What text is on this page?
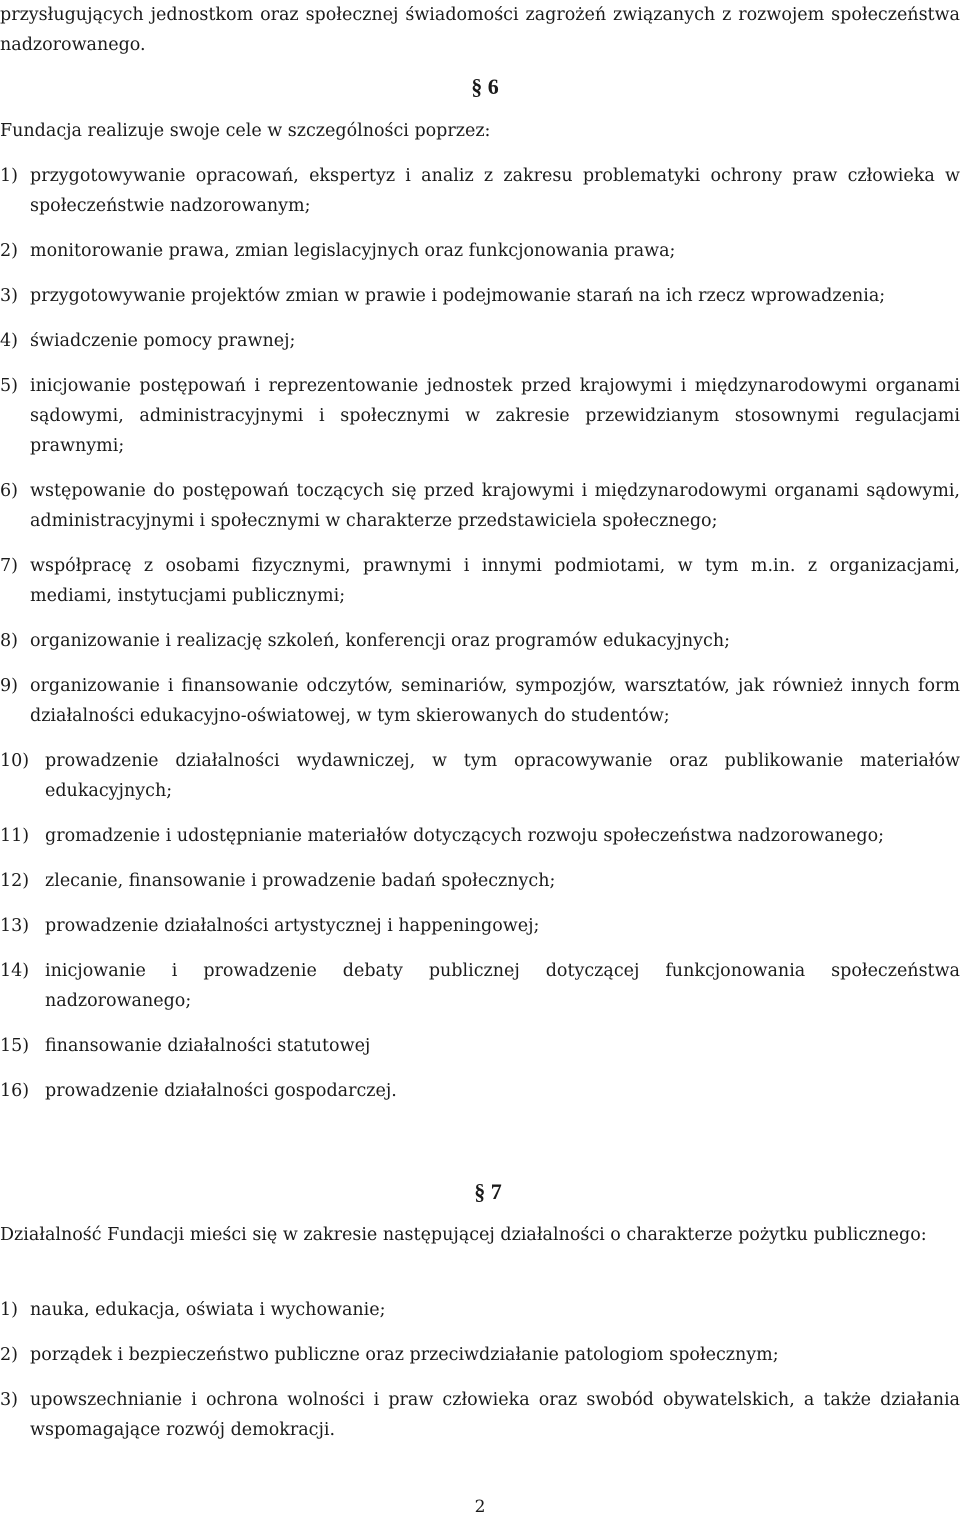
przysługujących jednostkom oraz społecznej świadomości zagrożeń związanych z rozwojem społeczeństwa nadzorowanego.

§ 6

Fundacja realizuje swoje cele w szczególności poprzez:

1) przygotowywanie opracowań, ekspertyz i analiz z zakresu problematyki ochrony praw człowieka w społeczeństwie nadzorowanym;
2) monitorowanie prawa, zmian legislacyjnych oraz funkcjonowania prawa;
3) przygotowywanie projektów zmian w prawie i podejmowanie starań na ich rzecz wprowadzenia;
4) świadczenie pomocy prawnej;
5) inicjowanie postępowań i reprezentowanie jednostek przed krajowymi i międzynarodowymi organami sądowymi, administracyjnymi i społecznymi w zakresie przewidzianym stosownymi regulacjami prawnymi;
6) wstępowanie do postępowań toczących się przed krajowymi i międzynarodowymi organami sądowymi, administracyjnymi i społecznymi w charakterze przedstawiciela społecznego;
7) współpracę z osobami fizycznymi, prawnymi i innymi podmiotami, w tym m.in. z organizacjami, mediami, instytucjami publicznymi;
8) organizowanie i realizację szkoleń, konferencji oraz programów edukacyjnych;
9) organizowanie i finansowanie odczytów, seminariów, sympozjów, warsztatów, jak również innych form działalności edukacyjno-oświatowej, w tym skierowanych do studentów;
10) prowadzenie działalności wydawniczej, w tym opracowywanie oraz publikowanie materiałów edukacyjnych;
11) gromadzenie i udostępnianie materiałów dotyczących rozwoju społeczeństwa nadzorowanego;
12) zlecanie, finansowanie i prowadzenie badań społecznych;
13) prowadzenie działalności artystycznej i happeningowej;
14) inicjowanie i prowadzenie debaty publicznej dotyczącej funkcjonowania społeczeństwa nadzorowanego;
15) finansowanie działalności statutowej
16) prowadzenie działalności gospodarczej.
§ 7

Działalność Fundacji mieści się w zakresie następującej działalności o charakterze pożytku publicznego:

1) nauka, edukacja, oświata i wychowanie;
2) porządek i bezpieczeństwo publiczne oraz przeciwdziałanie patologiom społecznym;
3) upowszechnianie i ochrona wolności i praw człowieka oraz swobód obywatelskich, a także działania wspomagające rozwój demokracji.
2
